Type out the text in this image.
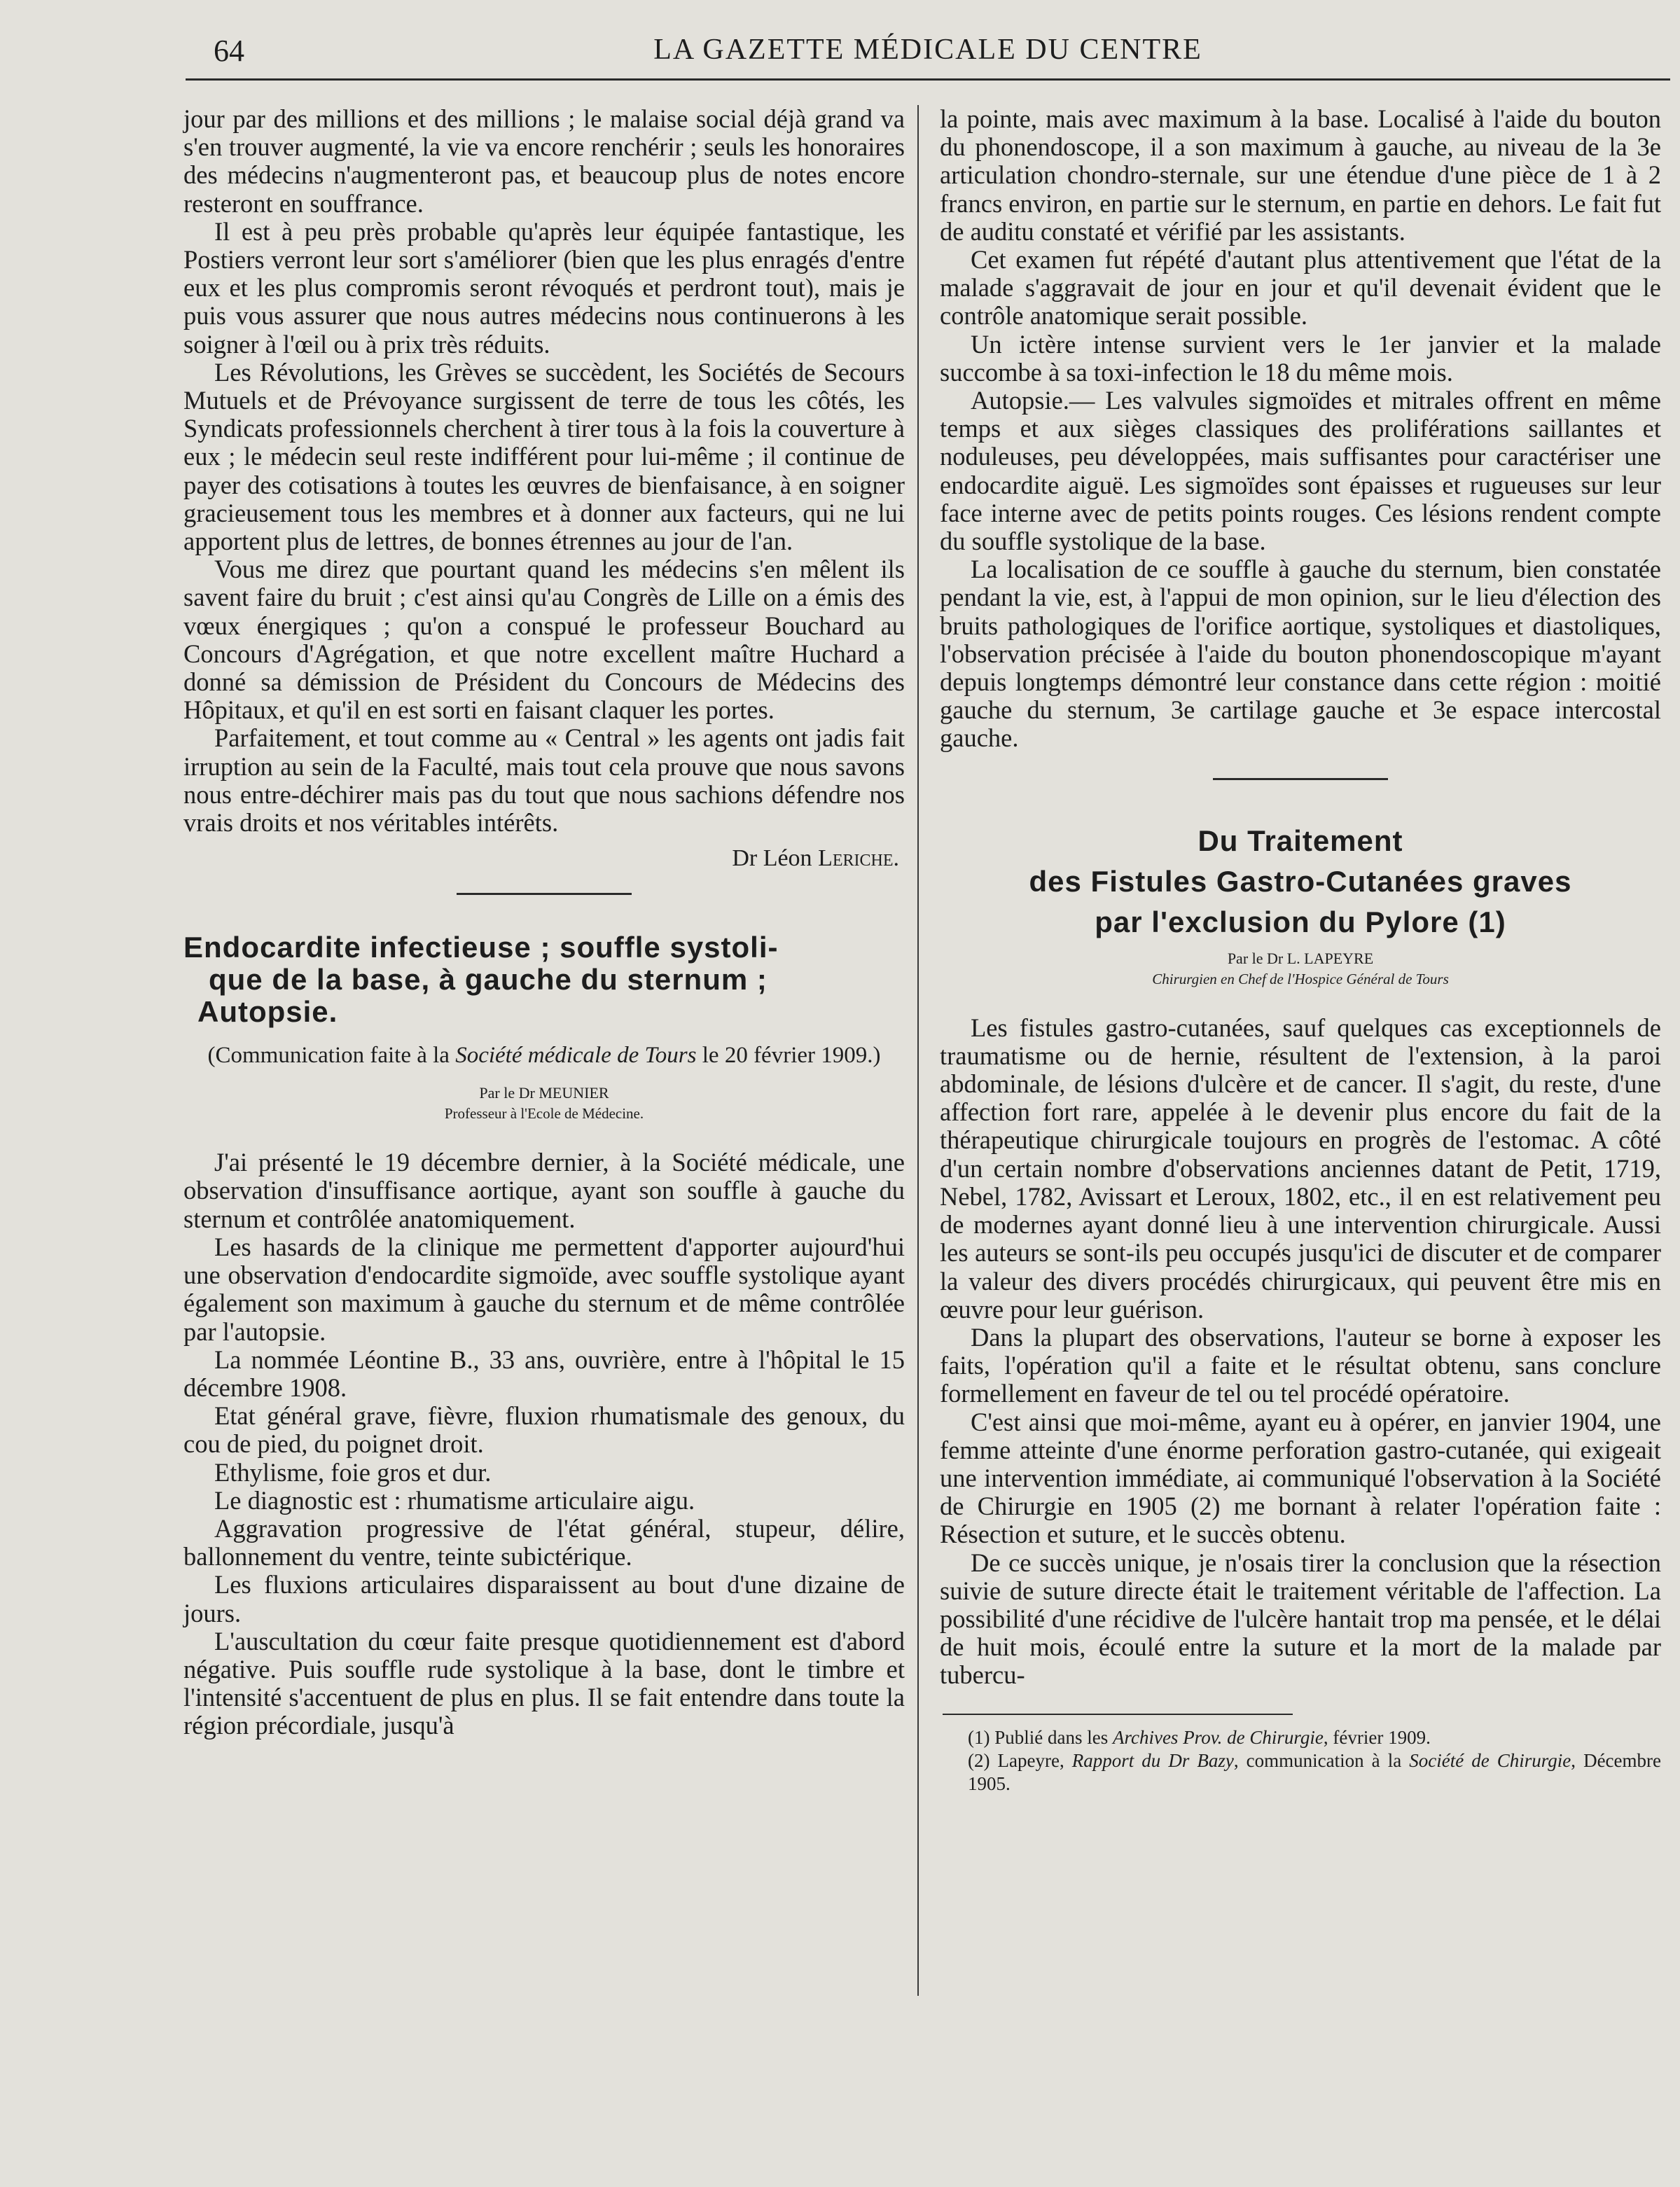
64	LA GAZETTE MÉDICALE DU CENTRE

jour par des millions et des millions ; le malaise social déjà grand va s'en trouver augmenté, la vie va encore renchérir ; seuls les honoraires des médecins n'augmenteront pas, et beaucoup plus de notes encore resteront en souffrance.

Il est à peu près probable qu'après leur équipée fantastique, les Postiers verront leur sort s'améliorer (bien que les plus enragés d'entre eux et les plus compromis seront révoqués et perdront tout), mais je puis vous assurer que nous autres médecins nous continuerons à les soigner à l'œil ou à prix très réduits.

Les Révolutions, les Grèves se succèdent, les Sociétés de Secours Mutuels et de Prévoyance surgissent de terre de tous les côtés, les Syndicats professionnels cherchent à tirer tous à la fois la couverture à eux ; le médecin seul reste indifférent pour lui-même ; il continue de payer des cotisations à toutes les œuvres de bienfaisance, à en soigner gracieusement tous les membres et à donner aux facteurs, qui ne lui apportent plus de lettres, de bonnes étrennes au jour de l'an.

Vous me direz que pourtant quand les médecins s'en mêlent ils savent faire du bruit ; c'est ainsi qu'au Congrès de Lille on a émis des vœux énergiques ; qu'on a conspué le professeur Bouchard au Concours d'Agrégation, et que notre excellent maître Huchard a donné sa démission de Président du Concours de Médecins des Hôpitaux, et qu'il en est sorti en faisant claquer les portes.

Parfaitement, et tout comme au « Central » les agents ont jadis fait irruption au sein de la Faculté, mais tout cela prouve que nous savons nous entre-déchirer mais pas du tout que nous sachions défendre nos vrais droits et nos véritables intérêts.

Dr Léon Leriche.
Endocardite infectieuse ; souffle systoli-
que de la base, à gauche du sternum ;
Autopsie.
(Communication faite à la Société médicale de Tours le 20 février 1909.)
Par le Dr MEUNIER
Professeur à l'Ecole de Médecine.

J'ai présenté le 19 décembre dernier, à la Société médicale, une observation d'insuffisance aortique, ayant son souffle à gauche du sternum et contrôlée anatomiquement.

Les hasards de la clinique me permettent d'apporter aujourd'hui une observation d'endocardite sigmoïde, avec souffle systolique ayant également son maximum à gauche du sternum et de même contrôlée par l'autopsie.

La nommée Léontine B., 33 ans, ouvrière, entre à l'hôpital le 15 décembre 1908.

Etat général grave, fièvre, fluxion rhumatismale des genoux, du cou de pied, du poignet droit.

Ethylisme, foie gros et dur.

Le diagnostic est : rhumatisme articulaire aigu.

Aggravation progressive de l'état général, stupeur, délire, ballonnement du ventre, teinte subictérique.

Les fluxions articulaires disparaissent au bout d'une dizaine de jours.

L'auscultation du cœur faite presque quotidiennement est d'abord négative. Puis souffle rude systolique à la base, dont le timbre et l'intensité s'accentuent de plus en plus. Il se fait entendre dans toute la région précordiale, jusqu'à

la pointe, mais avec maximum à la base. Localisé à l'aide du bouton du phonendoscope, il a son maximum à gauche, au niveau de la 3e articulation chondro-sternale, sur une étendue d'une pièce de 1 à 2 francs environ, en partie sur le sternum, en partie en dehors. Le fait fut de auditu constaté et vérifié par les assistants.

Cet examen fut répété d'autant plus attentivement que l'état de la malade s'aggravait de jour en jour et qu'il devenait évident que le contrôle anatomique serait possible.

Un ictère intense survient vers le 1er janvier et la malade succombe à sa toxi-infection le 18 du même mois.

Autopsie.— Les valvules sigmoïdes et mitrales offrent en même temps et aux sièges classiques des proliférations saillantes et noduleuses, peu développées, mais suffisantes pour caractériser une endocardite aiguë. Les sigmoïdes sont épaisses et rugueuses sur leur face interne avec de petits points rouges. Ces lésions rendent compte du souffle systolique de la base.

La localisation de ce souffle à gauche du sternum, bien constatée pendant la vie, est, à l'appui de mon opinion, sur le lieu d'élection des bruits pathologiques de l'orifice aortique, systoliques et diastoliques, l'observation précisée à l'aide du bouton phonendoscopique m'ayant depuis longtemps démontré leur constance dans cette région : moitié gauche du sternum, 3e cartilage gauche et 3e espace intercostal gauche.

Du Traitement
des Fistules Gastro-Cutanées graves
par l'exclusion du Pylore (1)
Par le Dr L. LAPEYRE
Chirurgien en Chef de l'Hospice Général de Tours

Les fistules gastro-cutanées, sauf quelques cas exceptionnels de traumatisme ou de hernie, résultent de l'extension, à la paroi abdominale, de lésions d'ulcère et de cancer. Il s'agit, du reste, d'une affection fort rare, appelée à le devenir plus encore du fait de la thérapeutique chirurgicale toujours en progrès de l'estomac. A côté d'un certain nombre d'observations anciennes datant de Petit, 1719, Nebel, 1782, Avissart et Leroux, 1802, etc., il en est relativement peu de modernes ayant donné lieu à une intervention chirurgicale. Aussi les auteurs se sont-ils peu occupés jusqu'ici de discuter et de comparer la valeur des divers procédés chirurgicaux, qui peuvent être mis en œuvre pour leur guérison.

Dans la plupart des observations, l'auteur se borne à exposer les faits, l'opération qu'il a faite et le résultat obtenu, sans conclure formellement en faveur de tel ou tel procédé opératoire.

C'est ainsi que moi-même, ayant eu à opérer, en janvier 1904, une femme atteinte d'une énorme perforation gastro-cutanée, qui exigeait une intervention immédiate, ai communiqué l'observation à la Société de Chirurgie en 1905 (2) me bornant à relater l'opération faite : Résection et suture, et le succès obtenu.

De ce succès unique, je n'osais tirer la conclusion que la résection suivie de suture directe était le traitement véritable de l'affection. La possibilité d'une récidive de l'ulcère hantait trop ma pensée, et le délai de huit mois, écoulé entre la suture et la mort de la malade par tubercu-

(1) Publié dans les Archives Prov. de Chirurgie, février 1909.

(2) Lapeyre, Rapport du Dr Bazy, communication à la Société de Chirurgie, Décembre 1905.
